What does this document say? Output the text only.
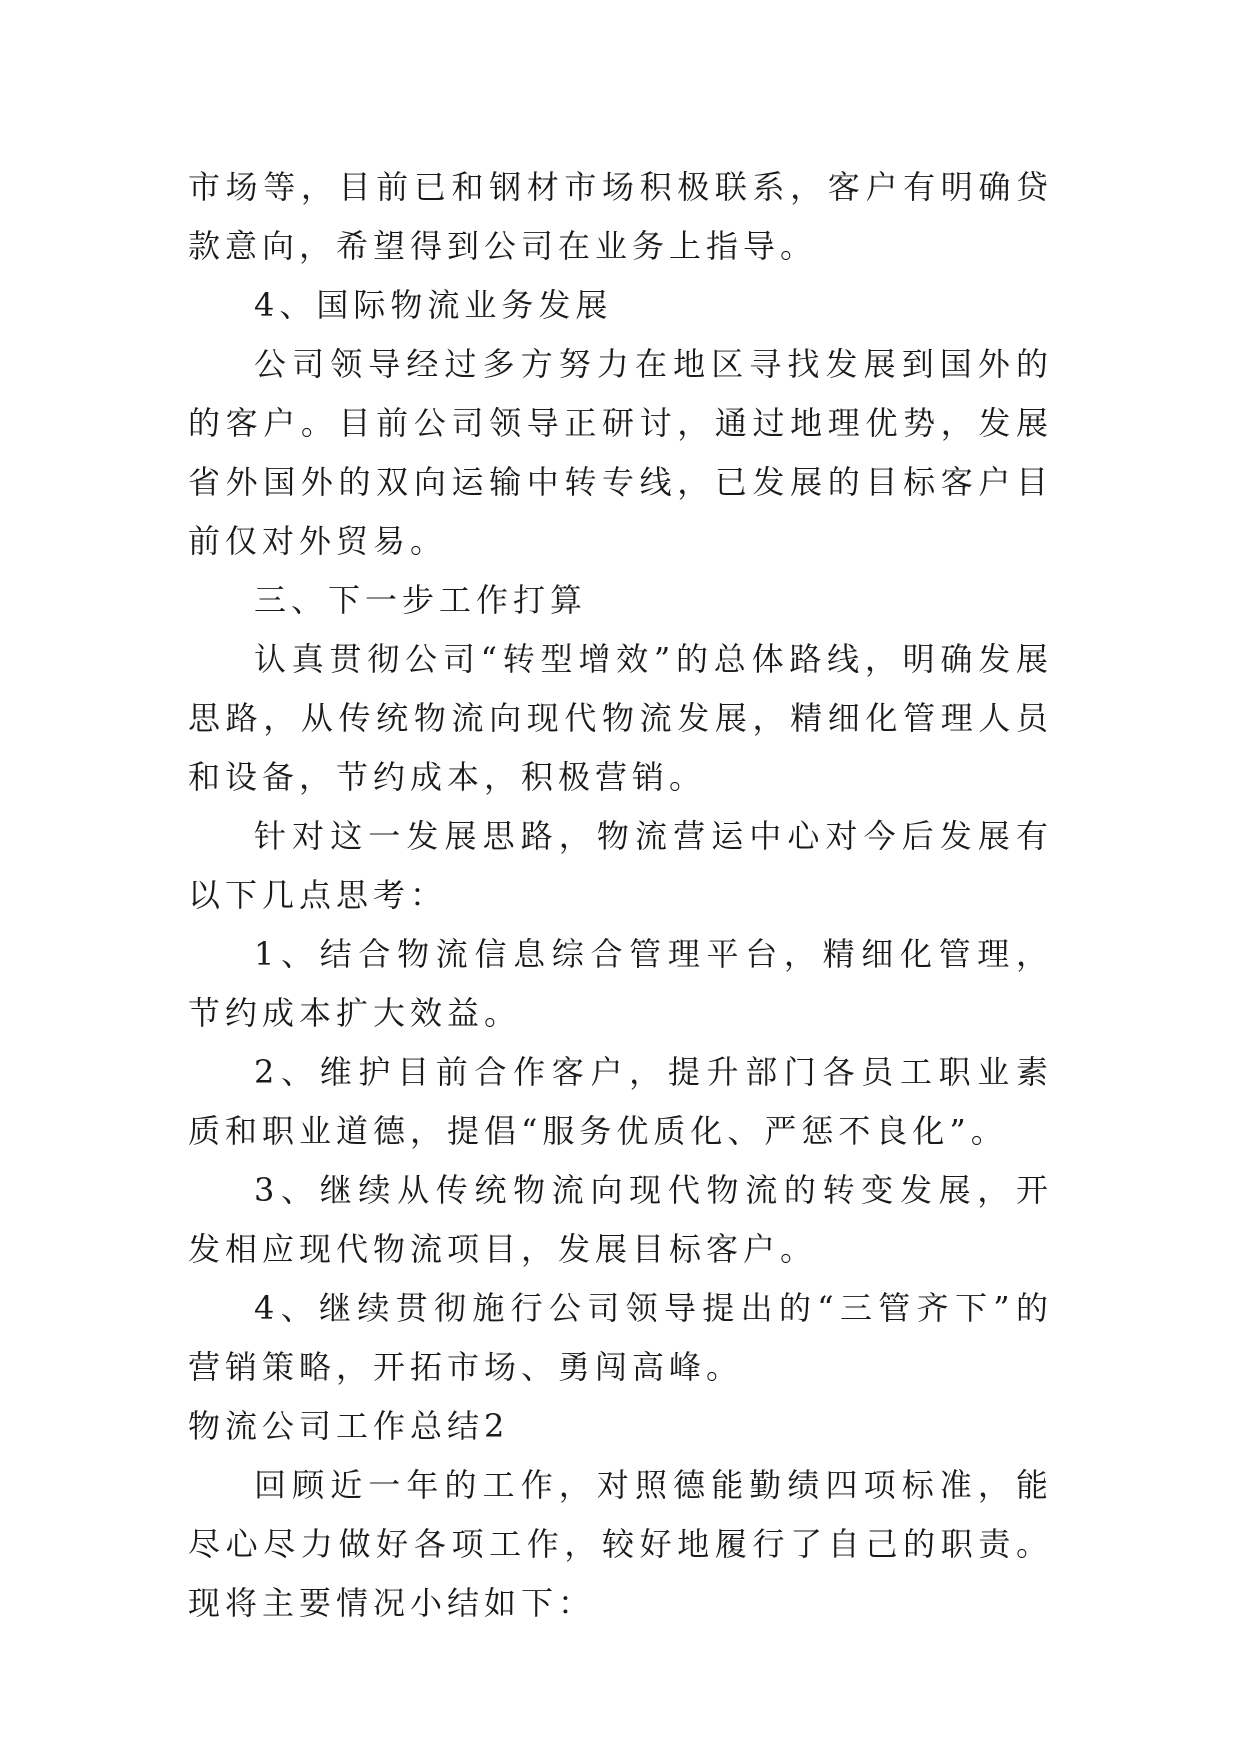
市场等，目前已和钢材市场积极联系，客户有明确贷款意向，希望得到公司在业务上指导。

4、国际物流业务发展

公司领导经过多方努力在地区寻找发展到国外的的客户。目前公司领导正研讨，通过地理优势，发展省外国外的双向运输中转专线，已发展的目标客户目前仅对外贸易。

三、下一步工作打算

认真贯彻公司“转型增效”的总体路线，明确发展思路，从传统物流向现代物流发展，精细化管理人员和设备，节约成本，积极营销。

针对这一发展思路，物流营运中心对今后发展有以下几点思考：

1、结合物流信息综合管理平台，精细化管理，节约成本扩大效益。

2、维护目前合作客户，提升部门各员工职业素质和职业道德，提倡“服务优质化、严惩不良化”。

3、继续从传统物流向现代物流的转变发展，开发相应现代物流项目，发展目标客户。

4、继续贯彻施行公司领导提出的“三管齐下”的营销策略，开拓市场、勇闯高峰。

物流公司工作总结2

回顾近一年的工作，对照德能勤绩四项标准，能尽心尽力做好各项工作，较好地履行了自己的职责。现将主要情况小结如下：
